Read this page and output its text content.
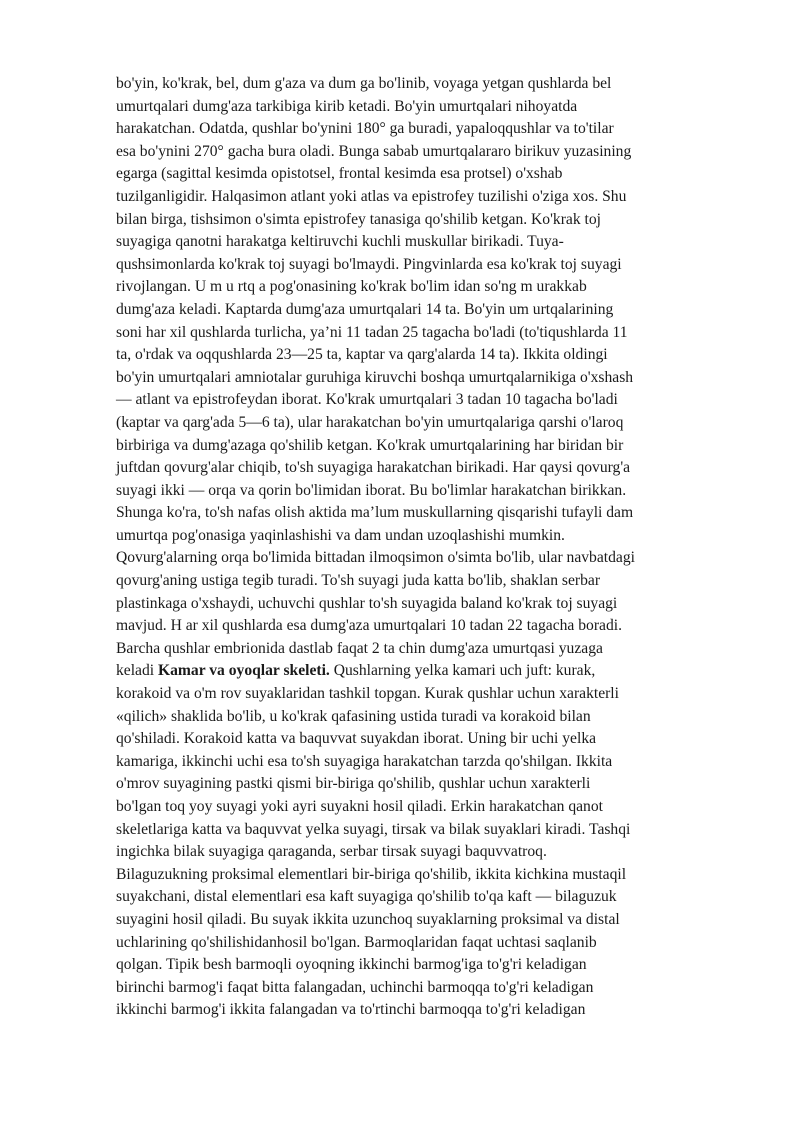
bo'yin, ko'krak, bel, dum g'aza va dum ga bo'linib, voyaga yetgan qushlarda bel
umurtqalari dumg'aza tarkibiga kirib ketadi. Bo'yin umurtqalari nihoyatda
harakatchan. Odatda, qushlar bo'ynini 180° ga buradi, yapaloqqushlar va to'tilar
esa bo'ynini 270° gacha bura oladi. Bunga sabab umurtqalararo birikuv yuzasining
egarga (sagittal kesimda opistotsel, frontal kesimda esa protsel) o'xshab
tuzilganligidir. Halqasimon atlant yoki atlas va epistrofey tuzilishi o'ziga xos. Shu
bilan birga, tishsimon o'simta epistrofey tanasiga qo'shilib ketgan. Ko'krak toj
suyagiga qanotni harakatga keltiruvchi kuchli muskullar birikadi. Tuya-
qushsimonlarda ko'krak toj suyagi bo'lmaydi. Pingvinlarda esa ko'krak toj suyagi
rivojlangan. U m u rtq a pog'onasining ko'krak bo'lim idan so'ng m urakkab
dumg'aza keladi. Kaptarda dumg'aza umurtqalari 14 ta. Bo'yin um urtqalarining
soni har xil qushlarda turlicha, ya’ni 11 tadan 25 tagacha bo'ladi (to'tiqushlarda 11
ta, o'rdak va oqqushlarda 23—25 ta, kaptar va qarg'alarda 14 ta). Ikkita oldingi
bo'yin umurtqalari amniotalar guruhiga kiruvchi boshqa umurtqalarnikiga o'xshash
— atlant va epistrofeydan iborat. Ko'krak umurtqalari 3 tadan 10 tagacha bo'ladi
(kaptar va qarg'ada 5—6 ta), ular harakatchan bo'yin umurtqalariga qarshi o'laroq
birbiriga va dumg'azaga qo'shilib ketgan. Ko'krak umurtqalarining har biridan bir
juftdan qovurg'alar chiqib, to'sh suyagiga harakatchan birikadi. Har qaysi qovurg'a
suyagi ikki — orqa va qorin bo'limidan iborat. Bu bo'limlar harakatchan birikkan.
Shunga ko'ra, to'sh nafas olish aktida ma’lum muskullarning qisqarishi tufayli dam
umurtqa pog'onasiga yaqinlashishi va dam undan uzoqlashishi mumkin.
Qovurg'alarning orqa bo'limida bittadan ilmoqsimon o'simta bo'lib, ular navbatdagi
qovurg'aning ustiga tegib turadi. To'sh suyagi juda katta bo'lib, shaklan serbar
plastinkaga o'xshaydi, uchuvchi qushlar to'sh suyagida baland ko'krak toj suyagi
mavjud. H ar xil qushlarda esa dumg'aza umurtqalari 10 tadan 22 tagacha boradi.
Barcha qushlar embrionida dastlab faqat 2 ta chin dumg'aza umurtqasi yuzaga
keladi Kamar va oyoqlar skeleti. Qushlarning yelka kamari uch juft: kurak,
korakoid va o'm rov suyaklaridan tashkil topgan. Kurak qushlar uchun xarakterli
«qilich» shaklida bo'lib, u ko'krak qafasining ustida turadi va korakoid bilan
qo'shiladi. Korakoid katta va baquvvat suyakdan iborat. Uning bir uchi yelka
kamariga, ikkinchi uchi esa to'sh suyagiga harakatchan tarzda qo'shilgan. Ikkita
o'mrov suyagining pastki qismi bir-biriga qo'shilib, qushlar uchun xarakterli
bo'lgan toq yoy suyagi yoki ayri suyakni hosil qiladi. Erkin harakatchan qanot
skeletlariga katta va baquvvat yelka suyagi, tirsak va bilak suyaklari kiradi. Tashqi
ingichka bilak suyagiga qaraganda, serbar tirsak suyagi baquvvatroq.
Bilaguzukning proksimal elementlari bir-biriga qo'shilib, ikkita kichkina mustaqil
suyakchani, distal elementlari esa kaft suyagiga qo'shilib to'qa kaft — bilaguzuk
suyagini hosil qiladi. Bu suyak ikkita uzunchoq suyaklarning proksimal va distal
uchlarining qo'shilishidanhosil bo'lgan. Barmoqlaridan faqat uchtasi saqlanib
qolgan. Tipik besh barmoqli oyoqning ikkinchi barmog'iga to'g'ri keladigan
birinchi barmog'i faqat bitta falangadan, uchinchi barmoqqa to'g'ri keladigan
ikkinchi barmog'i ikkita falangadan va to'rtinchi barmoqqa to'g'ri keladigan
